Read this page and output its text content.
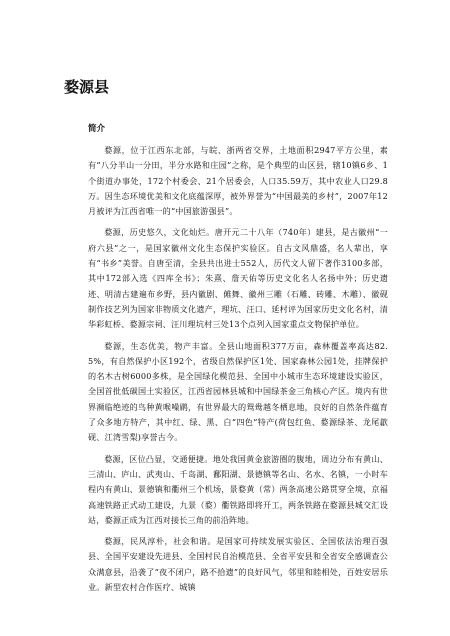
婺源县
简介

婺源，位于江西东北部，与皖、浙两省交界，土地面积2947平方公里，素有“八分半山一分田，半分水路和庄园”之称，是个典型的山区县，辖10镇6乡、1个街道办事处，172个村委会、21个居委会，人口35.59万，其中农业人口29.8万。因生态环境优美和文化底蕴深厚，被外界誉为“中国最美的乡村”，2007年12月被评为江西省唯一的“中国旅游强县”。

婺源，历史悠久，文化灿烂。唐开元二十八年（740年）建县，是古徽州“一府六县”之一，是国家徽州文化生态保护实验区。自古文风鼎盛，名人辈出，享有“书乡”美誉。自唐至清，全县共出进士552人，历代文人留下著作3100多部，其中172部入选《四库全书》；朱熹、詹天佑等历史文化名人名扬中外；历史遗迹、明清古建遍布乡野，县内徽剧、傩舞、徽州三雕（石雕、砖雕、木雕）、徽砚制作技艺列为国家非物质文化遗产，理坑、汪口、延村评为国家历史文化名村，清华彩虹桥、婺源宗祠、汪川理坑村三处13个点列入国家重点文物保护单位。

婺源，生态优美，物产丰富。全县山地面积377万亩，森林覆盖率高达82.5%，有自然保护小区192个，省级自然保护区1处、国家森林公园1处，挂牌保护的名木古树6000多株，是全国绿化模范县、全国中小城市生态环境建设实验区，全国首批低碳国土实验区，江西省园林县城和中国绿茶金三角核心产区。境内有世界濒临绝迹的鸟种黄喉噪鹛，有世界最大的鸳鸯越冬栖息地，良好的自然条件蕴育了众多地方特产，其中红、绿、黑、白“四色”特产(荷包红鱼、婺源绿茶、龙尾歙砚、江湾雪梨)享誉古今。

婺源，区位凸显，交通便捷。地处我国黄金旅游圈的腹地，周边分布有黄山、三清山、庐山、武夷山、千岛湖、鄱阳湖、景德镇等名山、名水、名镇，一小时车程内有黄山、景德镇和衢州三个机场，景婺黄（常）两条高速公路贯穿全境，京福高速铁路正式动工建设，九景（婺）衢铁路即将开工，两条铁路在婺源县城交汇设站，婺源正成为江西对接长三角的前沿阵地。

婺源，民风淳朴，社会和谐。是国家可持续发展实验区、全国依法治理百强县、全国平安建设先进县、全国村民自治模范县、全省平安县和全省安全感调查公众满意县，沿袭了“夜不闭户，路不拾遗”的良好风气，邻里和睦相处，百姓安居乐业。新型农村合作医疗、城镇
